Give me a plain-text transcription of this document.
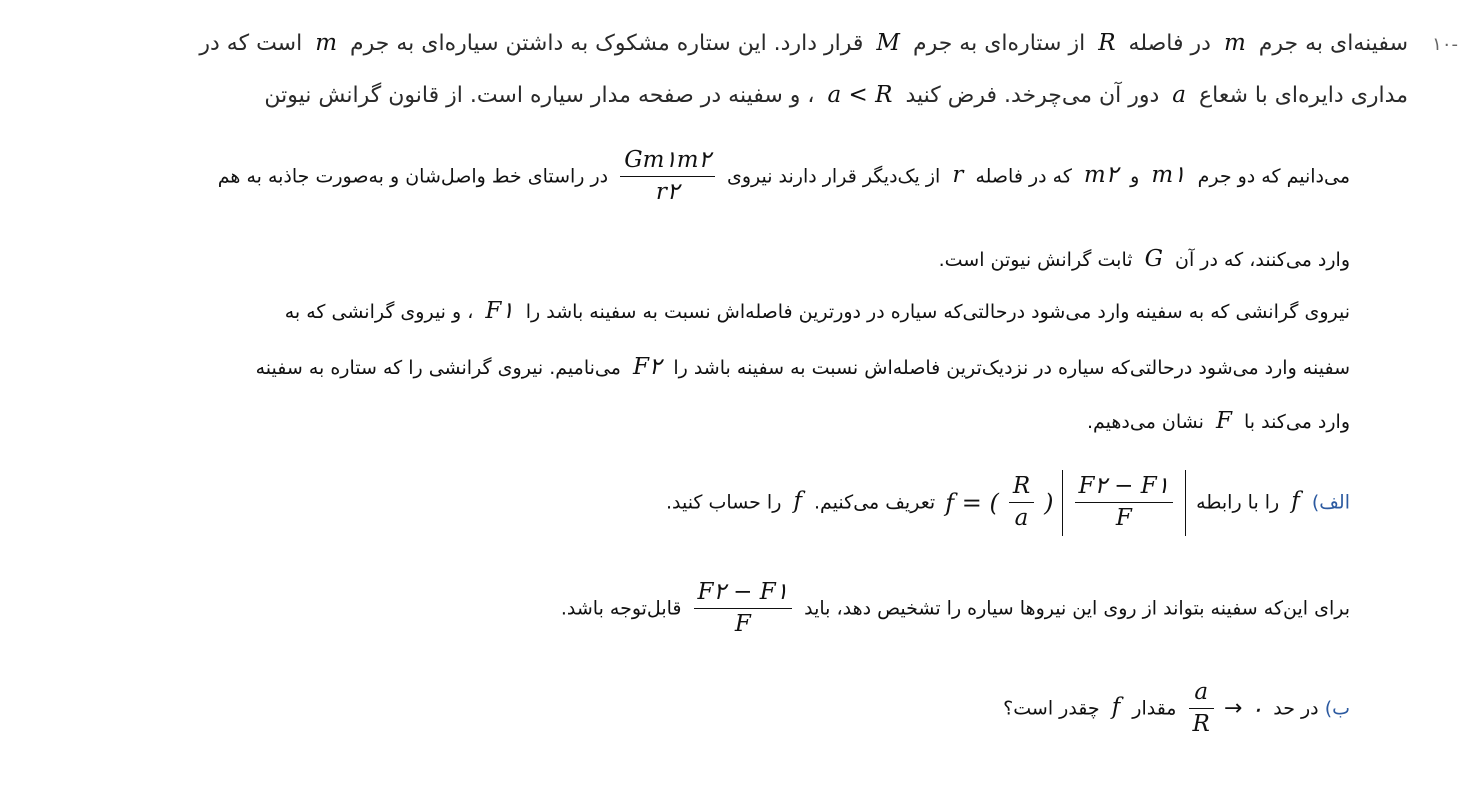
-۱۰
سفینه‌ای به جرم m در فاصله R از ستاره‌ای به جرم M قرار دارد. این ستاره مشکوک به داشتن سیاره‌ای به جرم m است که در
مداری دایره‌ای با شعاع a دور آن می‌چرخد. فرض کنید a < R ، و سفینه در صفحه مدار سیاره است. از قانون گرانش نیوتن
می‌دانیم که دو جرم m۱ و m۲ که در فاصله r از یک‌دیگر قرار دارند نیروی
$\frac{Gm۱m۲}{r۲}$
در راستای خط واصل‌شان و به‌صورت جاذبه به هم
وارد می‌کنند، که در آن G ثابت گرانش نیوتن است.
نیروی گرانشی که به سفینه وارد می‌شود درحالتی‌که سیاره در دورترین فاصله‌اش نسبت به سفینه باشد را F۱ ، و نیروی گرانشی که به
سفینه وارد می‌شود درحالتی‌که سیاره در نزدیک‌ترین فاصله‌اش نسبت به سفینه باشد را F۲ می‌نامیم. نیروی گرانشی را که ستاره به سفینه
وارد می‌کند با F نشان می‌دهیم.
الف) f را با رابطه
f = ( $\frac{R}{a}$ ) $\frac{F۲ - F۱}{F}$
تعریف می‌کنیم. f را حساب کنید.
برای این‌که سفینه بتواند از روی این نیروها سیاره را تشخیص دهد، باید
$\frac{F۲ - F۱}{F}$
قابل‌توجه باشد.
ب) در حد
$\frac{a}{R}$ → ۰
مقدار f چقدر است؟
